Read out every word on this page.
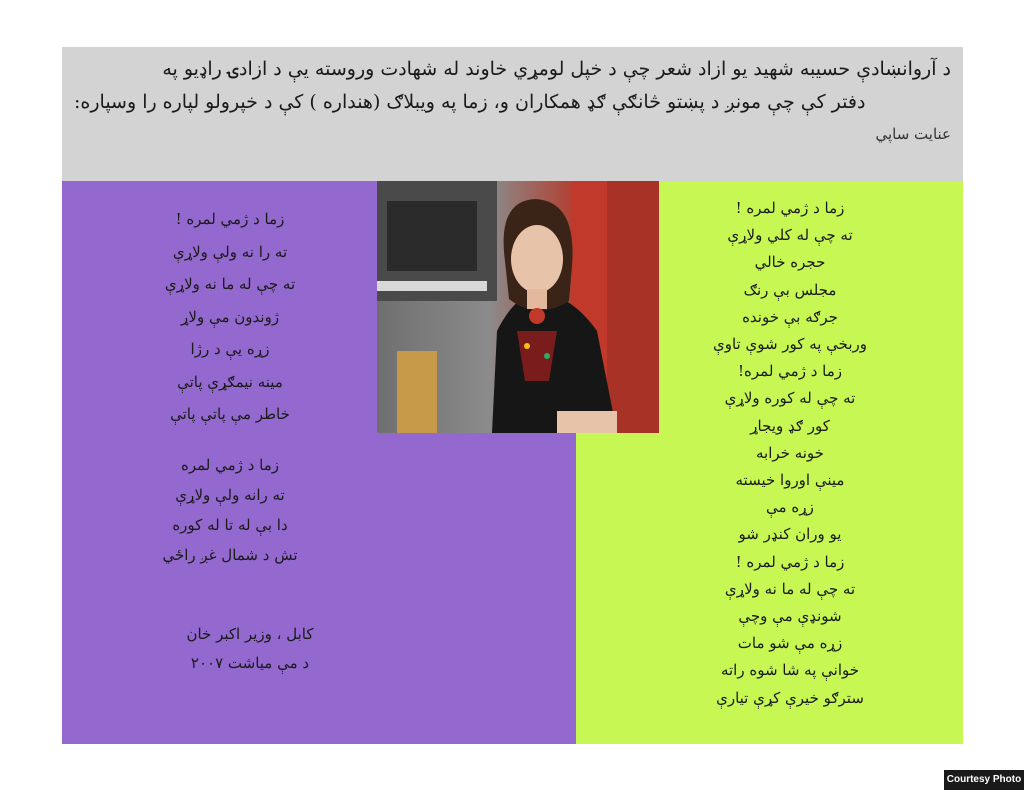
د آروانښادې حسیبه شهید یو ازاد شعر چې د خپل لومړي خاوند له شهادت وروسته یې د ازادۍ راډیو په
دفتر کې چې مونږ د پښتو څانګې ګډ همکاران و، زما په ویبلاګ (هنداره ) کې د خپرولو لپاره را وسپاره:
عنایت ساپي
زما د ژمي لمره !
ته را نه ولې ولاړې
ته چې له ما نه ولاړې
ژوندون مې ولاړ
زړه يې د رژا
مینه نیمګړې پاتې
خاطر مې پاتې پاتې
زما د ژمي لمره
ته رانه ولې ولاړې
دا بې له تا له کوره
تش د شمال غږ راځي
کابل ، وزیر اکبر خان
د مې میاشت ۲۰۰۷
زما د ژمي لمره !
ته چې له کلي ولاړې
حجره خالي
مجلس بې رنګ
جرګه بې خونده
وربخې په کور شوې تاوې
زما د ژمي لمره!
ته چې له کوره ولاړې
کور ګډ ویجاړ
خونه خرابه
مینې اوروا خیسته
زړه مې
یو وران کنډر شو
زما د ژمي لمره !
ته چې له ما نه ولاړې
شونډې مې وچې
زړه مې شو مات
خوانې په شا شوه راته
سترګو خیرې کړې تیارې
Courtesy Photo
